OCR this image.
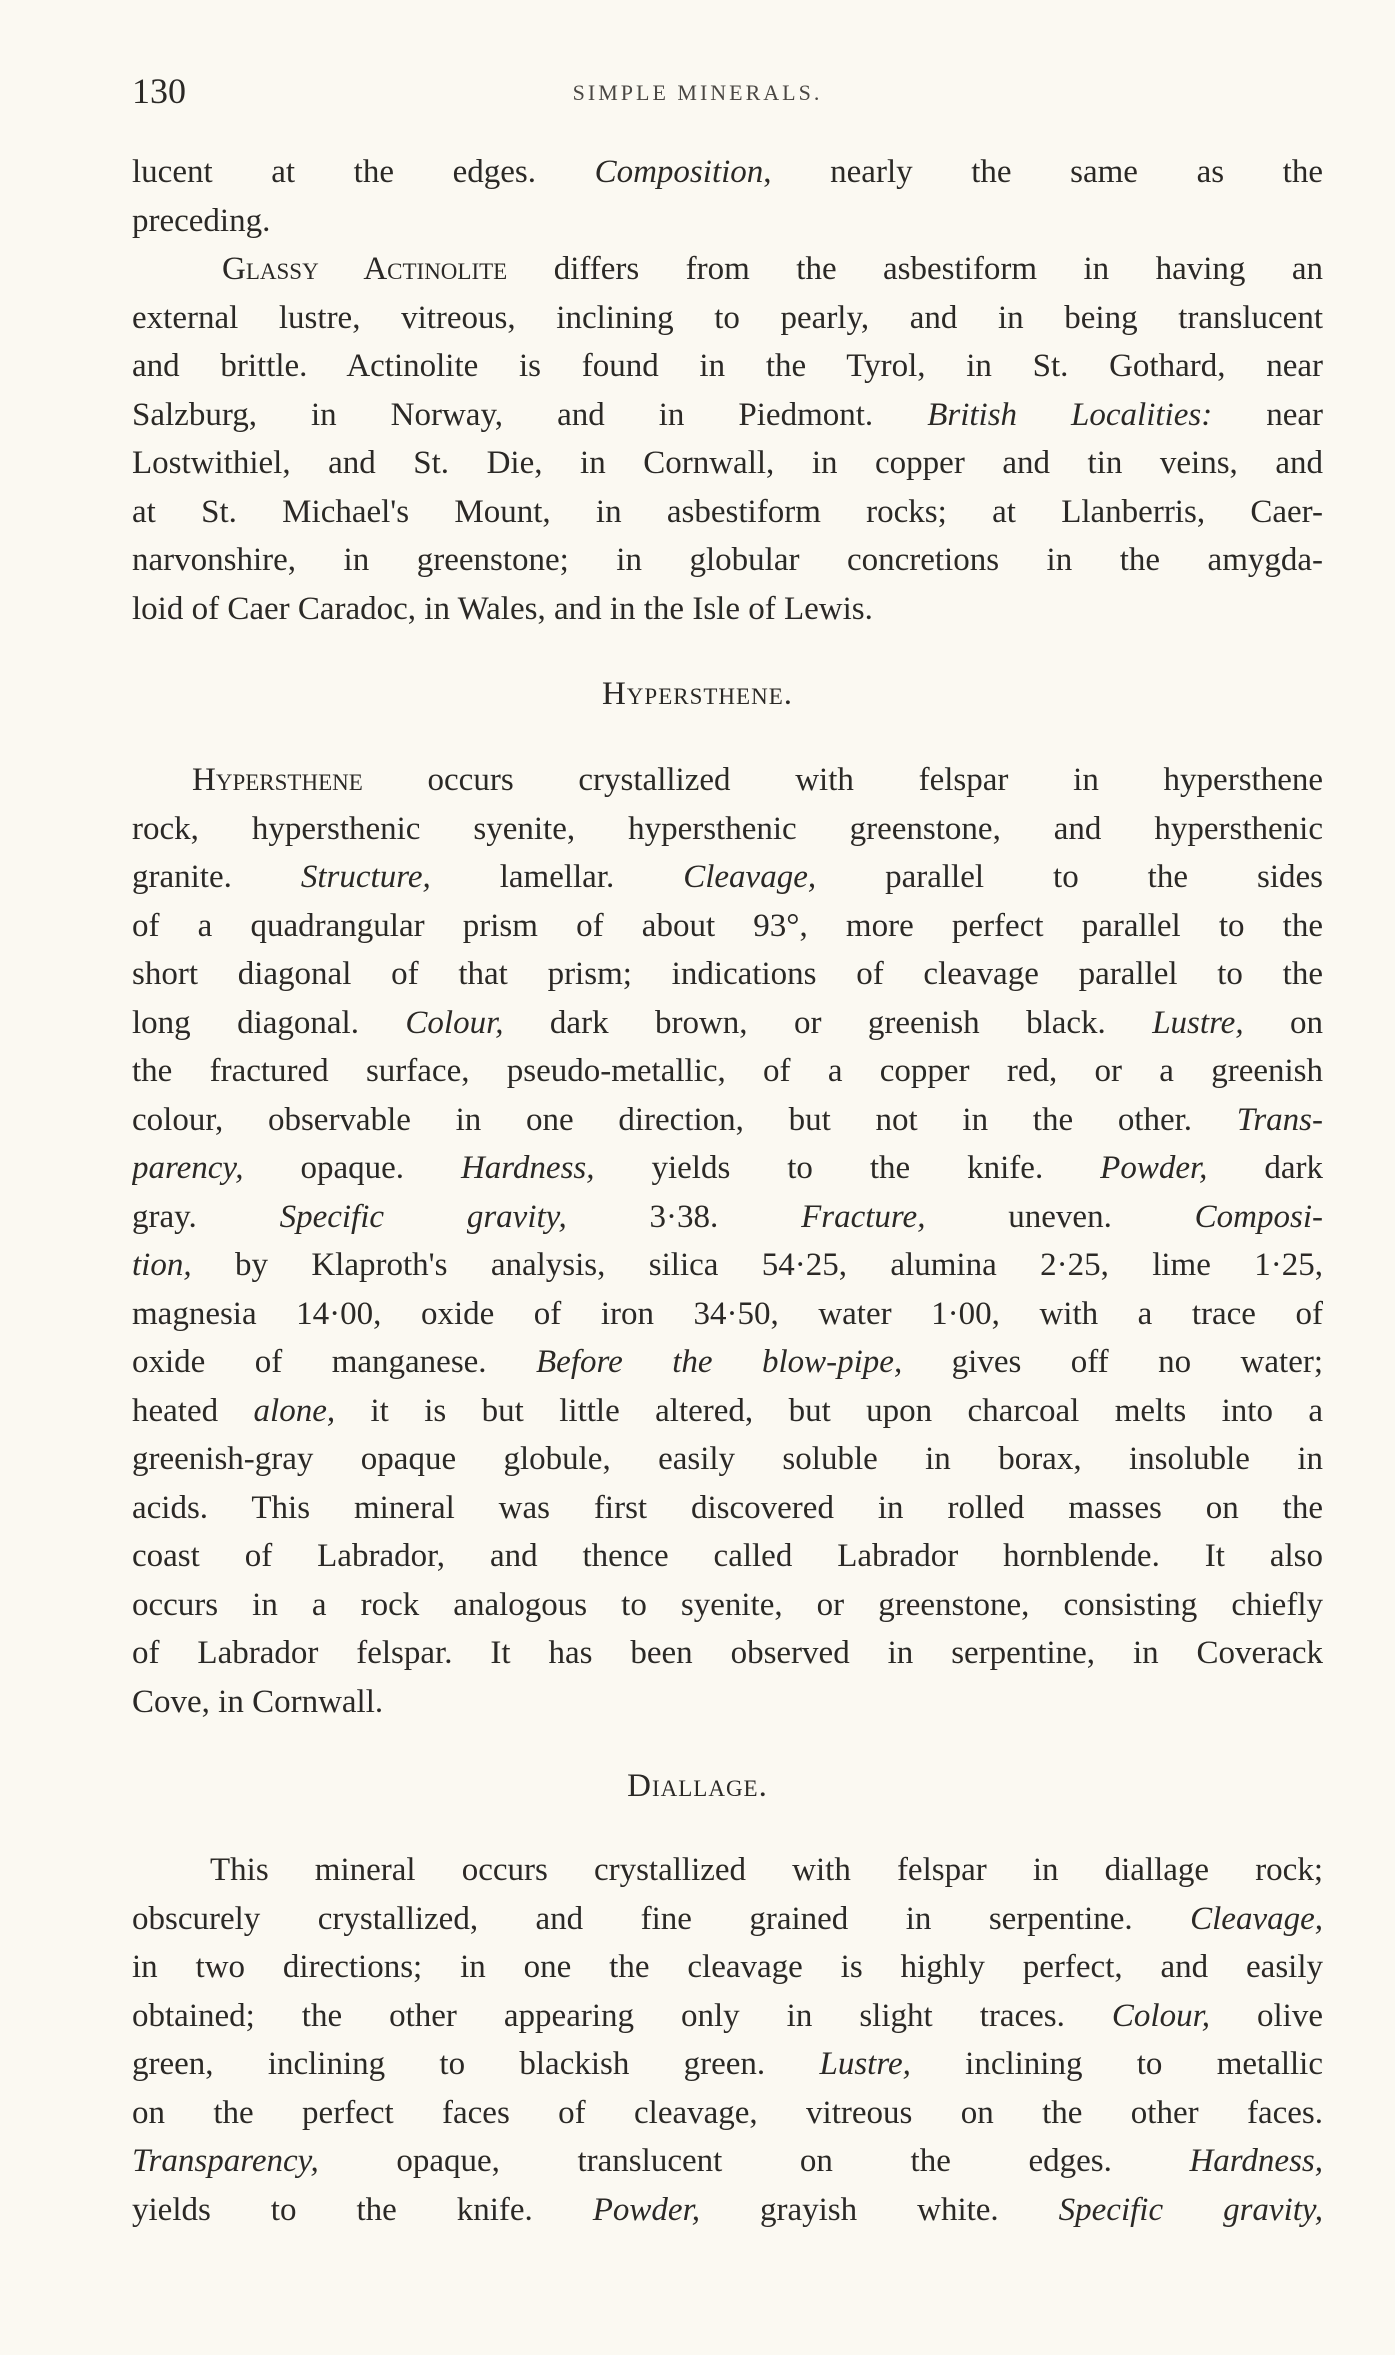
130	SIMPLE MINERALS.
lucent at the edges. Composition, nearly the same as the
preceding.
Glassy Actinolite differs from the asbestiform in having an
external lustre, vitreous, inclining to pearly, and in being translucent
and brittle. Actinolite is found in the Tyrol, in St. Gothard, near
Salzburg, in Norway, and in Piedmont. British Localities: near
Lostwithiel, and St. Die, in Cornwall, in copper and tin veins, and
at St. Michael's Mount, in asbestiform rocks; at Llanberris, Caer-
narvonshire, in greenstone; in globular concretions in the amygda-
loid of Caer Caradoc, in Wales, and in the Isle of Lewis.
Hypersthene.
Hypersthene occurs crystallized with felspar in hypersthene
rock, hypersthenic syenite, hypersthenic greenstone, and hypersthenic
granite. Structure, lamellar. Cleavage, parallel to the sides
of a quadrangular prism of about 93°, more perfect parallel to the
short diagonal of that prism; indications of cleavage parallel to the
long diagonal. Colour, dark brown, or greenish black. Lustre, on
the fractured surface, pseudo-metallic, of a copper red, or a greenish
colour, observable in one direction, but not in the other. Trans-
parency, opaque. Hardness, yields to the knife. Powder, dark
gray. Specific gravity, 3·38. Fracture, uneven. Composi-
tion, by Klaproth's analysis, silica 54·25, alumina 2·25, lime 1·25,
magnesia 14·00, oxide of iron 34·50, water 1·00, with a trace of
oxide of manganese. Before the blow-pipe, gives off no water;
heated alone, it is but little altered, but upon charcoal melts into a
greenish-gray opaque globule, easily soluble in borax, insoluble in
acids. This mineral was first discovered in rolled masses on the
coast of Labrador, and thence called Labrador hornblende. It also
occurs in a rock analogous to syenite, or greenstone, consisting chiefly
of Labrador felspar. It has been observed in serpentine, in Coverack
Cove, in Cornwall.
Diallage.
This mineral occurs crystallized with felspar in diallage rock;
obscurely crystallized, and fine grained in serpentine. Cleavage,
in two directions; in one the cleavage is highly perfect, and easily
obtained; the other appearing only in slight traces. Colour, olive
green, inclining to blackish green. Lustre, inclining to metallic
on the perfect faces of cleavage, vitreous on the other faces.
Transparency, opaque, translucent on the edges. Hardness,
yields to the knife. Powder, grayish white. Specific gravity,
